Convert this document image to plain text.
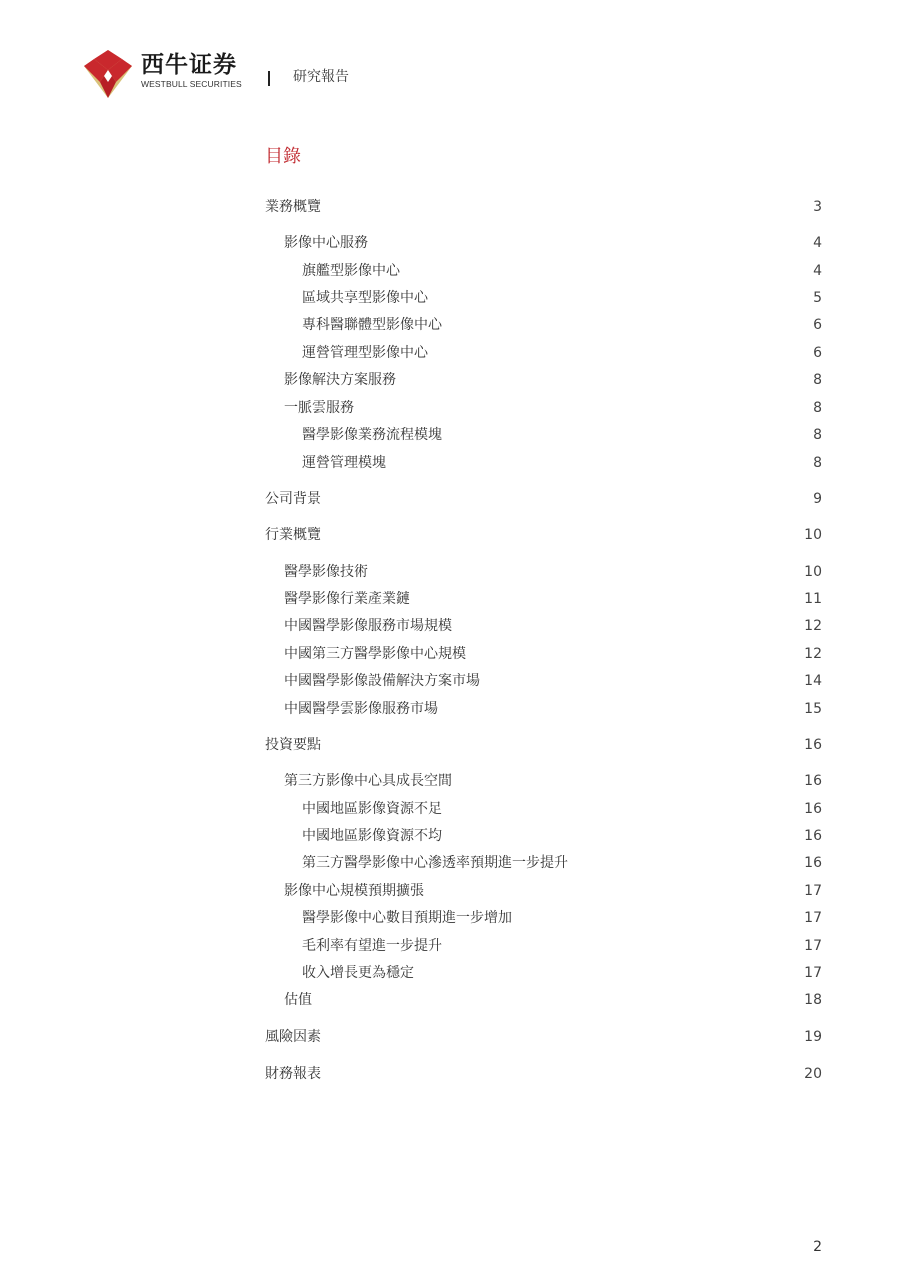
西牛证券
WESTBULL SECURITIES	研究報告
目錄
業務概覽	3
影像中心服務	4
旗艦型影像中心	4
區域共享型影像中心	5
專科醫聯體型影像中心	6
運營管理型影像中心	6
影像解決方案服務	8
一脈雲服務	8
醫學影像業務流程模塊	8
運營管理模塊	8
公司背景	9
行業概覽	10
醫學影像技術	10
醫學影像行業產業鏈	11
中國醫學影像服務市場規模	12
中國第三方醫學影像中心規模	12
中國醫學影像設備解決方案市場	14
中國醫學雲影像服務市場	15
投資要點	16
第三方影像中心具成長空間	16
中國地區影像資源不足	16
中國地區影像資源不均	16
第三方醫學影像中心滲透率預期進一步提升	16
影像中心規模預期擴張	17
醫學影像中心數目預期進一步增加	17
毛利率有望進一步提升	17
收入增長更為穩定	17
估值	18
風險因素	19
財務報表	20
2
